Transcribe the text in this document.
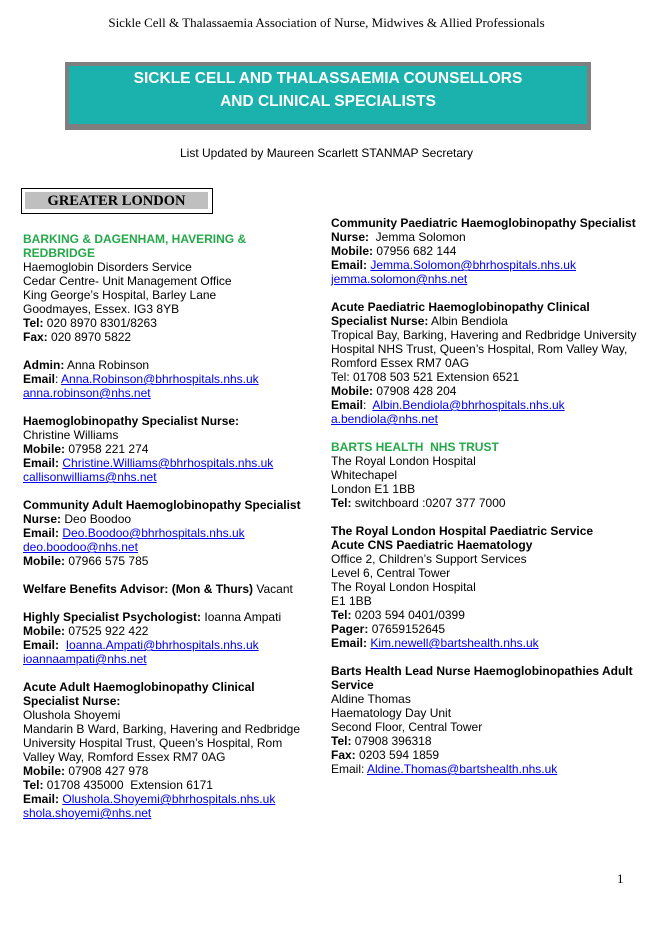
Sickle Cell & Thalassaemia Association of Nurse, Midwives & Allied Professionals
SICKLE CELL AND THALASSAEMIA COUNSELLORS
AND CLINICAL SPECIALISTS
List Updated by Maureen Scarlett STANMAP Secretary
GREATER LONDON
BARKING & DAGENHAM, HAVERING &
REDBRIDGE
Haemoglobin Disorders Service
Cedar Centre- Unit Management Office
King George’s Hospital, Barley Lane
Goodmayes, Essex. IG3 8YB
Tel: 020 8970 8301/8263
Fax: 020 8970 5822
Admin: Anna Robinson
Email: Anna.Robinson@bhrhospitals.nhs.uk
anna.robinson@nhs.net
Haemoglobinopathy Specialist Nurse:
Christine Williams
Mobile: 07958 221 274
Email: Christine.Williams@bhrhospitals.nhs.uk
callisonwilliams@nhs.net
Community Adult Haemoglobinopathy Specialist
Nurse: Deo Boodoo
Email: Deo.Boodoo@bhrhospitals.nhs.uk
deo.boodoo@nhs.net
Mobile: 07966 575 785
Welfare Benefits Advisor: (Mon & Thurs) Vacant
Highly Specialist Psychologist: Ioanna Ampati
Mobile: 07525 922 422
Email: Ioanna.Ampati@bhrhospitals.nhs.uk
ioannaampati@nhs.net
Acute Adult Haemoglobinopathy Clinical
Specialist Nurse:
Olushola Shoyemi
Mandarin B Ward, Barking, Havering and Redbridge
University Hospital Trust, Queen’s Hospital, Rom
Valley Way, Romford Essex RM7 0AG
Mobile: 07908 427 978
Tel: 01708 435000  Extension 6171
Email: Olushola.Shoyemi@bhrhospitals.nhs.uk
shola.shoyemi@nhs.net
Community Paediatric Haemoglobinopathy Specialist
Nurse:  Jemma Solomon
Mobile: 07956 682 144
Email: Jemma.Solomon@bhrhospitals.nhs.uk
jemma.solomon@nhs.net
Acute Paediatric Haemoglobinopathy Clinical
Specialist Nurse: Albin Bendiola
Tropical Bay, Barking, Havering and Redbridge University
Hospital NHS Trust, Queen’s Hospital, Rom Valley Way,
Romford Essex RM7 0AG
Tel: 01708 503 521 Extension 6521
Mobile: 07908 428 204
Email:  Albin.Bendiola@bhrhospitals.nhs.uk
a.bendiola@nhs.net
BARTS HEALTH  NHS TRUST
The Royal London Hospital
Whitechapel
London E1 1BB
Tel: switchboard :0207 377 7000
The Royal London Hospital Paediatric Service
Acute CNS Paediatric Haematology
Office 2, Children’s Support Services
Level 6, Central Tower
The Royal London Hospital
E1 1BB
Tel: 0203 594 0401/0399
Pager: 07659152645
Email: Kim.newell@bartshealth.nhs.uk
Barts Health Lead Nurse Haemoglobinopathies Adult
Service
Aldine Thomas
Haematology Day Unit
Second Floor, Central Tower
Tel: 07908 396318
Fax: 0203 594 1859
Email: Aldine.Thomas@bartshealth.nhs.uk
1
